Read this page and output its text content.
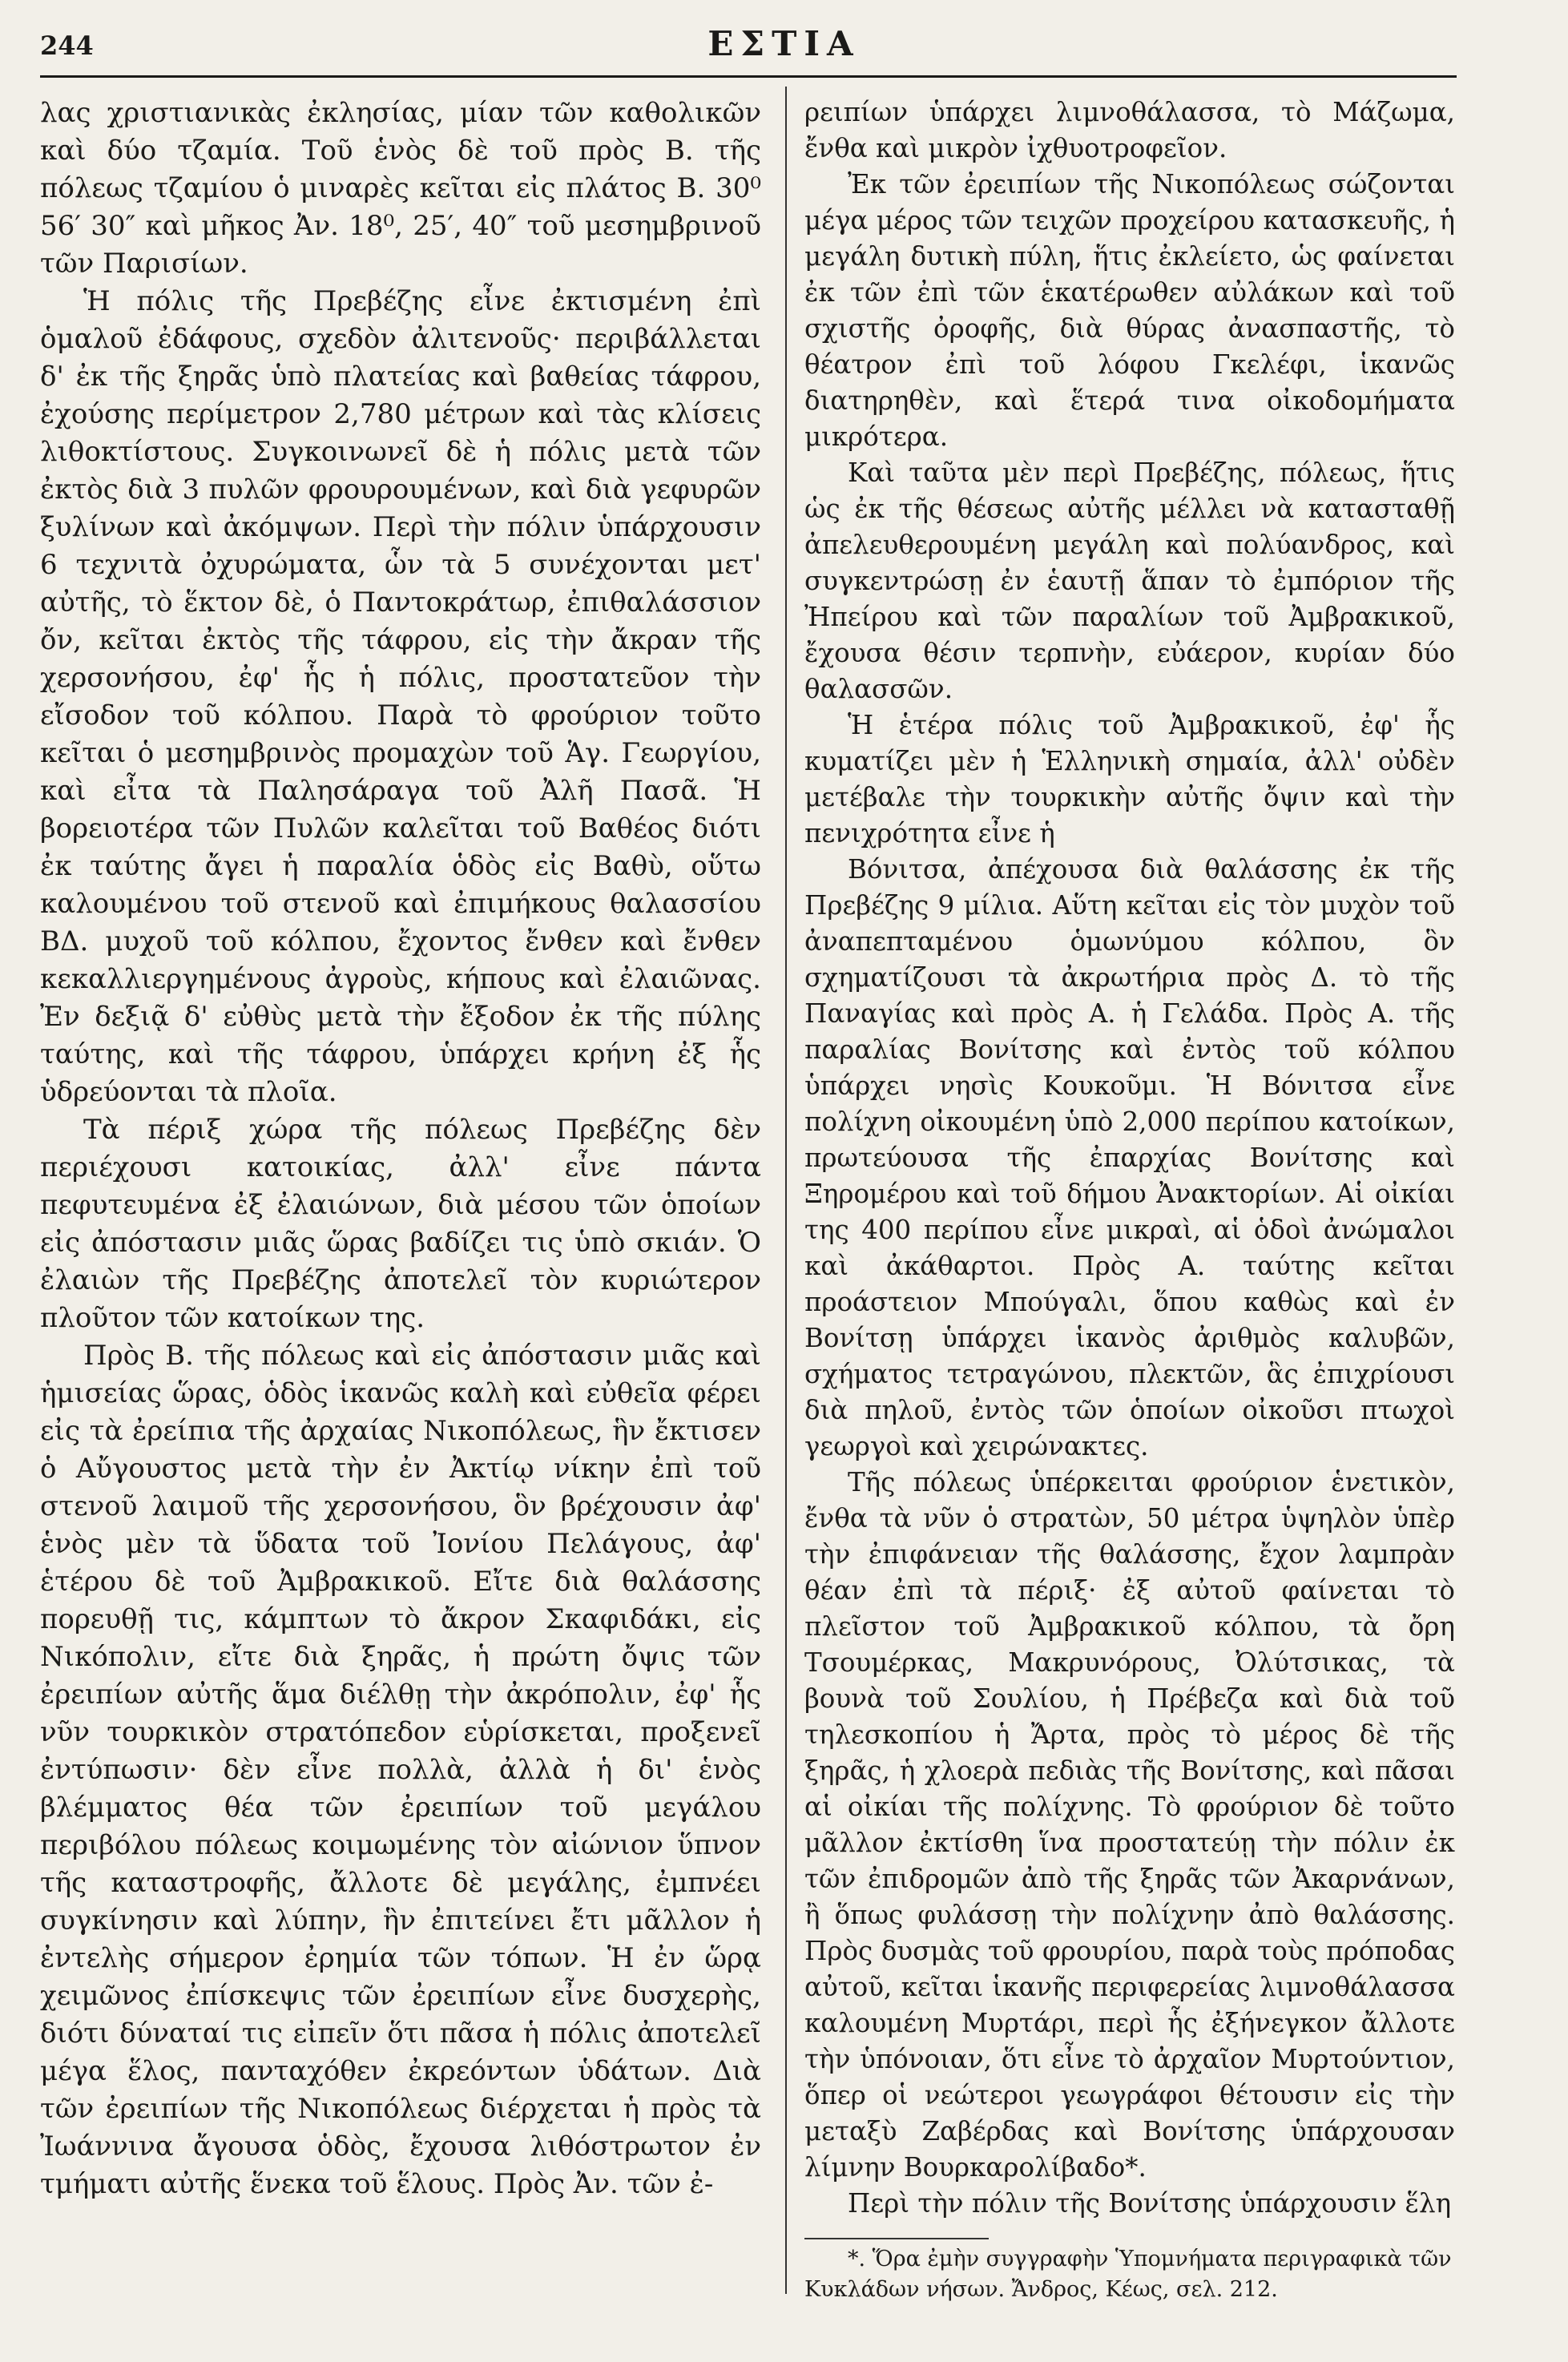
244	ΕΣΤΙΑ

λας χριστιανικὰς ἐκλησίας, μίαν τῶν καθολικῶν καὶ δύο τζαμία. Τοῦ ἑνὸς δὲ τοῦ πρὸς Β. τῆς πόλεως τζαμίου ὁ μιναρὲς κεῖται εἰς πλάτος Β. 30⁰ 56′ 30″ καὶ μῆκος Ἀν. 18⁰, 25′, 40″ τοῦ μεσημβρινοῦ τῶν Παρισίων.

Ἡ πόλις τῆς Πρεβέζης εἶνε ἐκτισμένη ἐπὶ ὁμαλοῦ ἐδάφους, σχεδὸν ἀλιτενοῦς· περιβάλλεται δ' ἐκ τῆς ξηρᾶς ὑπὸ πλατείας καὶ βαθείας τάφρου, ἐχούσης περίμετρον 2,780 μέτρων καὶ τὰς κλίσεις λιθοκτίστους. Συγκοινωνεῖ δὲ ἡ πόλις μετὰ τῶν ἐκτὸς διὰ 3 πυλῶν φρουρουμένων, καὶ διὰ γεφυρῶν ξυλίνων καὶ ἀκόμψων. Περὶ τὴν πόλιν ὑπάρχουσιν 6 τεχνιτὰ ὀχυρώματα, ὧν τὰ 5 συνέχονται μετ' αὐτῆς, τὸ ἕκτον δὲ, ὁ Παντοκράτωρ, ἐπιθαλάσσιον ὄν, κεῖται ἐκτὸς τῆς τάφρου, εἰς τὴν ἄκραν τῆς χερσονήσου, ἐφ' ἧς ἡ πόλις, προστατεῦον τὴν εἴσοδον τοῦ κόλπου. Παρὰ τὸ φρούριον τοῦτο κεῖται ὁ μεσημβρινὸς προμαχὼν τοῦ Ἁγ. Γεωργίου, καὶ εἶτα τὰ Παλησάραγα τοῦ Ἀλῆ Πασᾶ. Ἡ βορειοτέρα τῶν Πυλῶν καλεῖται τοῦ Βαθέος διότι ἐκ ταύτης ἄγει ἡ παραλία ὁδὸς εἰς Βαθὺ, οὕτω καλουμένου τοῦ στενοῦ καὶ ἐπιμήκους θαλασσίου ΒΔ. μυχοῦ τοῦ κόλπου, ἔχοντος ἔνθεν καὶ ἔνθεν κεκαλλιεργημένους ἀγροὺς, κήπους καὶ ἐλαιῶνας. Ἐν δεξιᾷ δ' εὐθὺς μετὰ τὴν ἔξοδον ἐκ τῆς πύλης ταύτης, καὶ τῆς τάφρου, ὑπάρχει κρήνη ἐξ ἧς ὑδρεύονται τὰ πλοῖα.

Τὰ πέριξ χώρα τῆς πόλεως Πρεβέζης δὲν περιέχουσι κατοικίας, ἀλλ' εἶνε πάντα πεφυτευμένα ἐξ ἐλαιώνων, διὰ μέσου τῶν ὁποίων εἰς ἀπόστασιν μιᾶς ὥρας βαδίζει τις ὑπὸ σκιάν. Ὁ ἐλαιὼν τῆς Πρεβέζης ἀποτελεῖ τὸν κυριώτερον πλοῦτον τῶν κατοίκων της.

Πρὸς Β. τῆς πόλεως καὶ εἰς ἀπόστασιν μιᾶς καὶ ἡμισείας ὥρας, ὁδὸς ἱκανῶς καλὴ καὶ εὐθεῖα φέρει εἰς τὰ ἐρείπια τῆς ἀρχαίας Νικοπόλεως, ἣν ἔκτισεν ὁ Αὔγουστος μετὰ τὴν ἐν Ἀκτίῳ νίκην ἐπὶ τοῦ στενοῦ λαιμοῦ τῆς χερσονήσου, ὃν βρέχουσιν ἀφ' ἑνὸς μὲν τὰ ὕδατα τοῦ Ἰονίου Πελάγους, ἀφ' ἑτέρου δὲ τοῦ Ἀμβρακικοῦ. Εἴτε διὰ θαλάσσης πορευθῇ τις, κάμπτων τὸ ἄκρον Σκαφιδάκι, εἰς Νικόπολιν, εἴτε διὰ ξηρᾶς, ἡ πρώτη ὄψις τῶν ἐρειπίων αὐτῆς ἅμα διέλθῃ τὴν ἀκρόπολιν, ἐφ' ἧς νῦν τουρκικὸν στρατόπεδον εὑρίσκεται, προξενεῖ ἐντύπωσιν· δὲν εἶνε πολλὰ, ἀλλὰ ἡ δι' ἑνὸς βλέμματος θέα τῶν ἐρειπίων τοῦ μεγάλου περιβόλου πόλεως κοιμωμένης τὸν αἰώνιον ὕπνον τῆς καταστροφῆς, ἄλλοτε δὲ μεγάλης, ἐμπνέει συγκίνησιν καὶ λύπην, ἣν ἐπιτείνει ἔτι μᾶλλον ἡ ἐντελὴς σήμερον ἐρημία τῶν τόπων. Ἡ ἐν ὥρᾳ χειμῶνος ἐπίσκεψις τῶν ἐρειπίων εἶνε δυσχερὴς, διότι δύναταί τις εἰπεῖν ὅτι πᾶσα ἡ πόλις ἀποτελεῖ μέγα ἕλος, πανταχόθεν ἐκρεόντων ὑδάτων. Διὰ τῶν ἐρειπίων τῆς Νικοπόλεως διέρχεται ἡ πρὸς τὰ Ἰωάννινα ἄγουσα ὁδὸς, ἔχουσα λιθόστρωτον ἐν τμήματι αὐτῆς ἕνεκα τοῦ ἕλους. Πρὸς Ἀν. τῶν ἐ-

ρειπίων ὑπάρχει λιμνοθάλασσα, τὸ Μάζωμα, ἔνθα καὶ μικρὸν ἰχθυοτροφεῖον.

Ἐκ τῶν ἐρειπίων τῆς Νικοπόλεως σώζονται μέγα μέρος τῶν τειχῶν προχείρου κατασκευῆς, ἡ μεγάλη δυτικὴ πύλη, ἥτις ἐκλείετο, ὡς φαίνεται ἐκ τῶν ἐπὶ τῶν ἑκατέρωθεν αὐλάκων καὶ τοῦ σχιστῆς ὀροφῆς, διὰ θύρας ἀνασπαστῆς, τὸ θέατρον ἐπὶ τοῦ λόφου Γκελέφι, ἱκανῶς διατηρηθὲν, καὶ ἕτερά τινα οἰκοδομήματα μικρότερα.

Καὶ ταῦτα μὲν περὶ Πρεβέζης, πόλεως, ἥτις ὡς ἐκ τῆς θέσεως αὐτῆς μέλλει νὰ κατασταθῇ ἀπελευθερουμένη μεγάλη καὶ πολύανδρος, καὶ συγκεντρώσῃ ἐν ἑαυτῇ ἅπαν τὸ ἐμπόριον τῆς Ἠπείρου καὶ τῶν παραλίων τοῦ Ἀμβρακικοῦ, ἔχουσα θέσιν τερπνὴν, εὐάερον, κυρίαν δύο θαλασσῶν.

Ἡ ἑτέρα πόλις τοῦ Ἀμβρακικοῦ, ἐφ' ἧς κυματίζει μὲν ἡ Ἑλληνικὴ σημαία, ἀλλ' οὐδὲν μετέβαλε τὴν τουρκικὴν αὐτῆς ὄψιν καὶ τὴν πενιχρότητα εἶνε ἡ

Βόνιτσα, ἀπέχουσα διὰ θαλάσσης ἐκ τῆς Πρεβέζης 9 μίλια. Αὕτη κεῖται εἰς τὸν μυχὸν τοῦ ἀναπεπταμένου ὁμωνύμου κόλπου, ὃν σχηματίζουσι τὰ ἀκρωτήρια πρὸς Δ. τὸ τῆς Παναγίας καὶ πρὸς Α. ἡ Γελάδα. Πρὸς Α. τῆς παραλίας Βονίτσης καὶ ἐντὸς τοῦ κόλπου ὑπάρχει νησὶς Κουκοῦμι. Ἡ Βόνιτσα εἶνε πολίχνη οἰκουμένη ὑπὸ 2,000 περίπου κατοίκων, πρωτεύουσα τῆς ἐπαρχίας Βονίτσης καὶ Ξηρομέρου καὶ τοῦ δήμου Ἀνακτορίων. Αἱ οἰκίαι της 400 περίπου εἶνε μικραὶ, αἱ ὁδοὶ ἀνώμαλοι καὶ ἀκάθαρτοι. Πρὸς Α. ταύτης κεῖται προάστειον Μπούγαλι, ὅπου καθὼς καὶ ἐν Βονίτσῃ ὑπάρχει ἱκανὸς ἀριθμὸς καλυβῶν, σχήματος τετραγώνου, πλεκτῶν, ἃς ἐπιχρίουσι διὰ πηλοῦ, ἐντὸς τῶν ὁποίων οἰκοῦσι πτωχοὶ γεωργοὶ καὶ χειρώνακτες.

Τῆς πόλεως ὑπέρκειται φρούριον ἑνετικὸν, ἔνθα τὰ νῦν ὁ στρατὼν, 50 μέτρα ὑψηλὸν ὑπὲρ τὴν ἐπιφάνειαν τῆς θαλάσσης, ἔχον λαμπρὰν θέαν ἐπὶ τὰ πέριξ· ἐξ αὐτοῦ φαίνεται τὸ πλεῖστον τοῦ Ἀμβρακικοῦ κόλπου, τὰ ὄρη Τσουμέρκας, Μακρυνόρους, Ὀλύτσικας, τὰ βουνὰ τοῦ Σουλίου, ἡ Πρέβεζα καὶ διὰ τοῦ τηλεσκοπίου ἡ Ἄρτα, πρὸς τὸ μέρος δὲ τῆς ξηρᾶς, ἡ χλοερὰ πεδιὰς τῆς Βονίτσης, καὶ πᾶσαι αἱ οἰκίαι τῆς πολίχνης. Τὸ φρούριον δὲ τοῦτο μᾶλλον ἐκτίσθη ἵνα προστατεύῃ τὴν πόλιν ἐκ τῶν ἐπιδρομῶν ἀπὸ τῆς ξηρᾶς τῶν Ἀκαρνάνων, ἢ ὅπως φυλάσσῃ τὴν πολίχνην ἀπὸ θαλάσσης. Πρὸς δυσμὰς τοῦ φρουρίου, παρὰ τοὺς πρόποδας αὐτοῦ, κεῖται ἱκανῆς περιφερείας λιμνοθάλασσα καλουμένη Μυρτάρι, περὶ ἧς ἐξήνεγκον ἄλλοτε τὴν ὑπόνοιαν, ὅτι εἶνε τὸ ἀρχαῖον Μυρτούντιον, ὅπερ οἱ νεώτεροι γεωγράφοι θέτουσιν εἰς τὴν μεταξὺ Ζαβέρδας καὶ Βονίτσης ὑπάρχουσαν λίμνην Βουρκαρολίβαδο*.

Περὶ τὴν πόλιν τῆς Βονίτσης ὑπάρχουσιν ἕλη

*. Ὅρα ἐμὴν συγγραφὴν Ὑπομνήματα περιγραφικὰ τῶν Κυκλάδων νήσων. Ἄνδρος, Κέως, σελ. 212.
